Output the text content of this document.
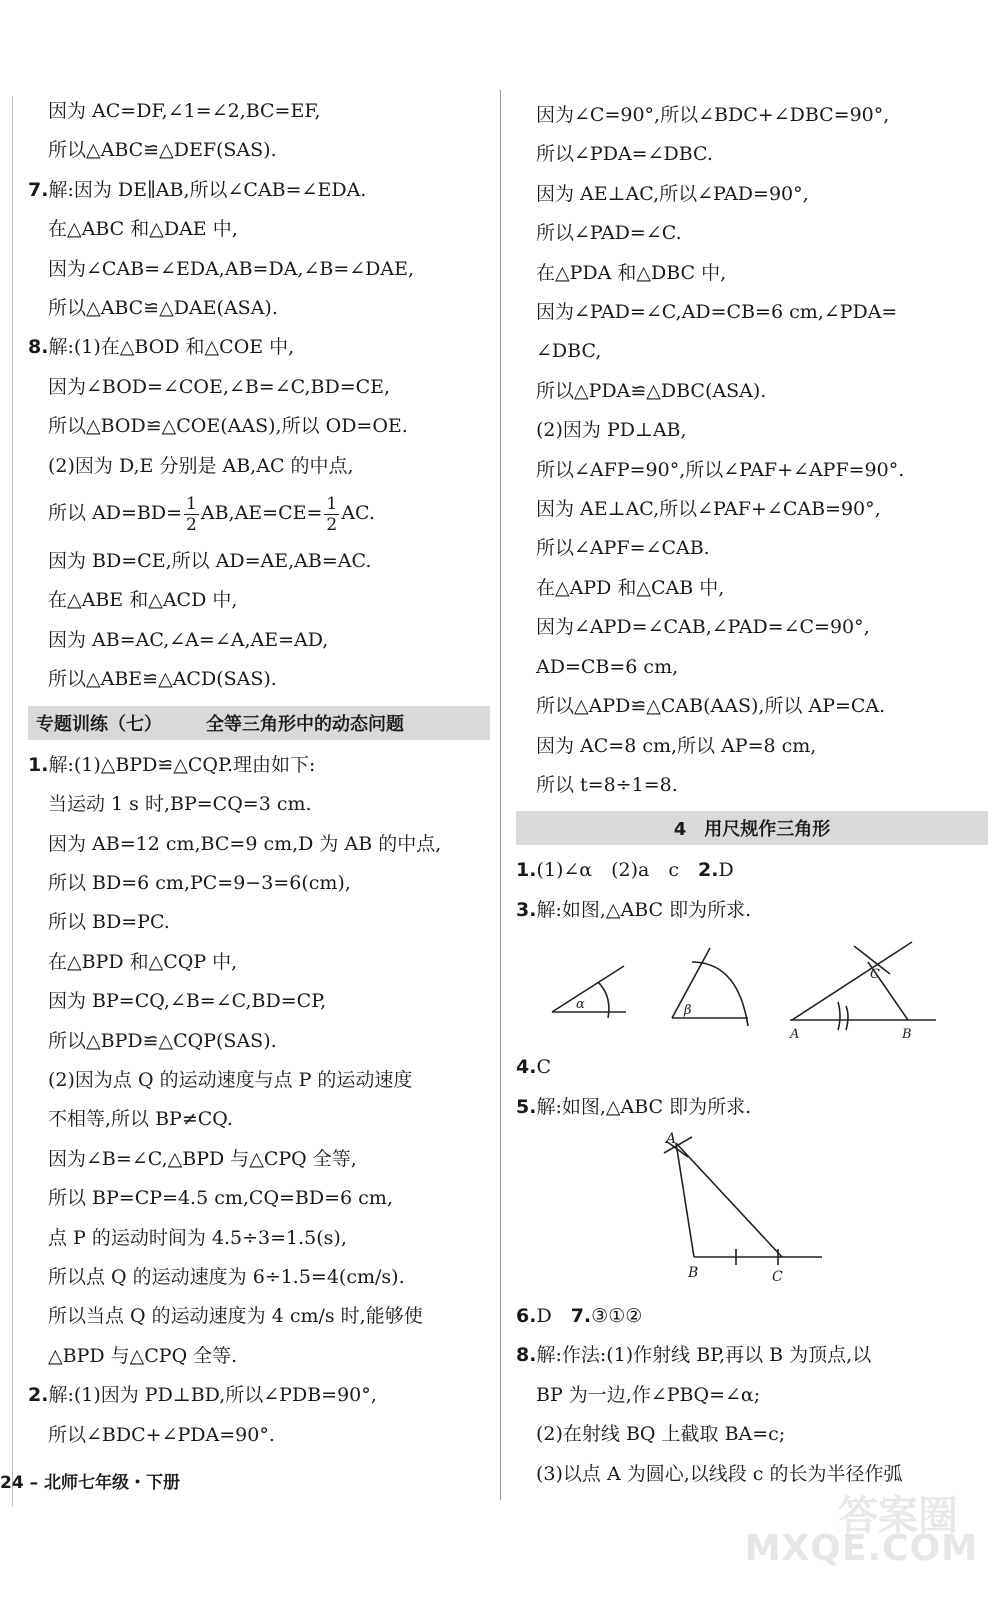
因为 AC=DF,∠1=∠2,BC=EF,
所以△ABC≌△DEF(SAS).
7.解:因为 DE∥AB,所以∠CAB=∠EDA.
在△ABC 和△DAE 中,
因为∠CAB=∠EDA,AB=DA,∠B=∠DAE,
所以△ABC≌△DAE(ASA).
8.解:(1)在△BOD 和△COE 中,
因为∠BOD=∠COE,∠B=∠C,BD=CE,
所以△BOD≌△COE(AAS),所以 OD=OE.
(2)因为 D,E 分别是 AB,AC 的中点,
所以 $AD=BD= \frac{1}{2} AB,AE=CE= \frac{1}{2}$ AC.
因为 BD=CE,所以 AD=AE,AB=AC.
在△ABE 和△ACD 中,
因为 AB=AC,∠A=∠A,AE=AD,
所以△ABE≌△ACD(SAS).
专题训练（七）	全等三角形中的动态问题
1.解:(1)△BPD≌△CQP.理由如下:
当运动 1 s 时,BP=CQ=3 cm.
因为 AB=12 cm,BC=9 cm,D 为 AB 的中点,
所以 BD=6 cm,PC=9−3=6(cm),
所以 BD=PC.
在△BPD 和△CQP 中,
因为 BP=CQ,∠B=∠C,BD=CP,
所以△BPD≌△CQP(SAS).
(2)因为点 Q 的运动速度与点 P 的运动速度
不相等,所以 BP≠CQ.
因为∠B=∠C,△BPD 与△CPQ 全等,
所以 BP=CP=4.5 cm,CQ=BD=6 cm,
点 P 的运动时间为 4.5÷3=1.5(s),
所以点 Q 的运动速度为 6÷1.5=4(cm/s).
所以当点 Q 的运动速度为 4 cm/s 时,能够使
△BPD 与△CPQ 全等.
2.解:(1)因为 PD⊥BD,所以∠PDB=90°,
所以∠BDC+∠PDA=90°.
因为∠C=90°,所以∠BDC+∠DBC=90°,
所以∠PDA=∠DBC.
因为 AE⊥AC,所以∠PAD=90°,
所以∠PAD=∠C.
在△PDA 和△DBC 中,
因为∠PAD=∠C,AD=CB=6 cm,∠PDA=
∠DBC,
所以△PDA≌△DBC(ASA).
(2)因为 PD⊥AB,
所以∠AFP=90°,所以∠PAF+∠APF=90°.
因为 AE⊥AC,所以∠PAF+∠CAB=90°,
所以∠APF=∠CAB.
在△APD 和△CAB 中,
因为∠APD=∠CAB,∠PAD=∠C=90°,
AD=CB=6 cm,
所以△APD≌△CAB(AAS),所以 AP=CA.
因为 AC=8 cm,所以 AP=8 cm,
所以 t=8÷1=8.
4　用尺规作三角形
1.(1)∠α　(2)a　c　 2.D
3.解:如图,△ABC 即为所求.
α	β
A	B
C
4.C
5.解:如图,△ABC 即为所求.
A
B	C
6.D　 7.③①②
8.解:作法:(1)作射线 BP,再以 B 为顶点,以
BP 为一边,作∠PBQ=∠α;
(2)在射线 BQ 上截取 BA=c;
(3)以点 A 为圆心,以线段 c 的长为半径作弧
24 – 北师七年级・下册
答案圈
MXQE.COM
